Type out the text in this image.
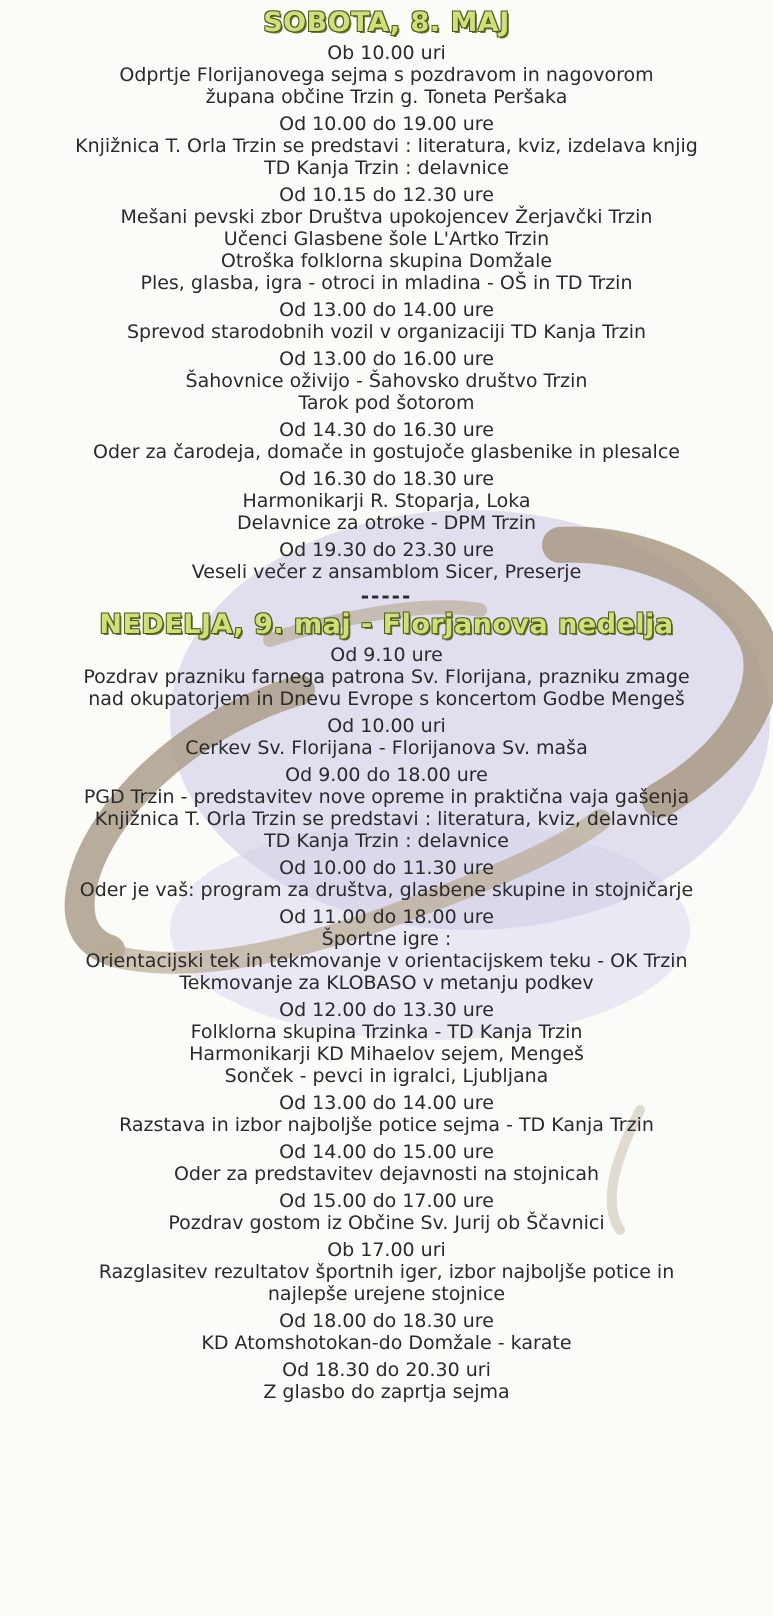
SOBOTA, 8. MAJ
Ob 10.00 uri
Odprtje Florijanovega sejma s pozdravom in nagovorom
župana občine Trzin g. Toneta Peršaka
Od 10.00 do 19.00 ure
Knjižnica T. Orla Trzin se predstavi : literatura, kviz, izdelava knjig
TD Kanja Trzin : delavnice
Od 10.15 do 12.30 ure
Mešani pevski zbor Društva upokojencev Žerjavčki Trzin
Učenci Glasbene šole L'Artko Trzin
Otroška folklorna skupina Domžale
Ples, glasba, igra - otroci in mladina - OŠ in TD Trzin
Od 13.00 do 14.00 ure
Sprevod starodobnih vozil v organizaciji TD Kanja Trzin
Od 13.00 do 16.00 ure
Šahovnice oživijo - Šahovsko društvo Trzin
Tarok pod šotorom
Od 14.30 do 16.30 ure
Oder za čarodeja, domače in gostujoče glasbenike in plesalce
Od 16.30 do 18.30 ure
Harmonikarji R. Stoparja, Loka
Delavnice za otroke - DPM Trzin
Od 19.30 do 23.30 ure
Veseli večer z ansamblom Sicer, Preserje
-----
NEDELJA, 9. maj - Florjanova nedelja
Od 9.10 ure
Pozdrav prazniku farnega patrona Sv. Florijana, prazniku zmage
nad okupatorjem in Dnevu Evrope s koncertom Godbe Mengeš
Od 10.00 uri
Cerkev Sv. Florijana - Florijanova Sv. maša
Od 9.00 do 18.00 ure
PGD Trzin - predstavitev nove opreme in praktična vaja gašenja
Knjižnica T. Orla Trzin se predstavi : literatura, kviz, delavnice
TD Kanja Trzin : delavnice
Od 10.00 do 11.30 ure
Oder je vaš: program za društva, glasbene skupine in stojničarje
Od 11.00 do 18.00 ure
Športne igre :
Orientacijski tek in tekmovanje v orientacijskem teku - OK Trzin
Tekmovanje za KLOBASO v metanju podkev
Od 12.00 do 13.30 ure
Folklorna skupina Trzinka - TD Kanja Trzin
Harmonikarji KD Mihaelov sejem, Mengeš
Sonček - pevci in igralci, Ljubljana
Od 13.00 do 14.00 ure
Razstava in izbor najboljše potice sejma - TD Kanja Trzin
Od 14.00 do 15.00 ure
Oder za predstavitev dejavnosti na stojnicah
Od 15.00 do 17.00 ure
Pozdrav gostom iz Občine Sv. Jurij ob Ščavnici
Ob 17.00 uri
Razglasitev rezultatov športnih iger, izbor najboljše potice in
najlepše urejene stojnice
Od 18.00 do 18.30 ure
KD Atomshotokan-do Domžale - karate
Od 18.30 do 20.30 uri
Z glasbo do zaprtja sejma
